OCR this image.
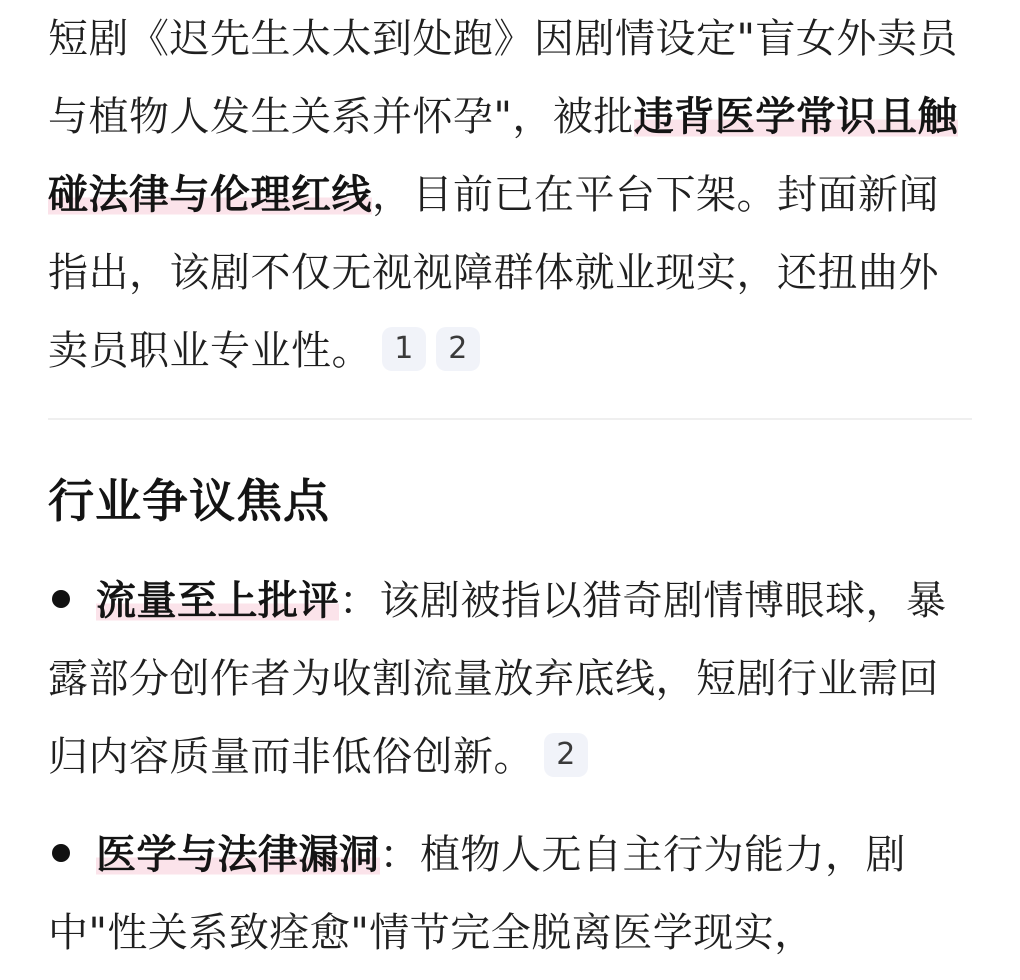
短剧《迟先生太太到处跑》因剧情设定"盲女外卖员与植物人发生关系并怀孕"，被批违背医学常识且触碰法律与伦理红线，目前已在平台下架。封面新闻指出，该剧不仅无视视障群体就业现实，还扭曲外卖员职业专业性。 1 2

行业争议焦点

流量至上批评：该剧被指以猎奇剧情博眼球，暴露部分创作者为收割流量放弃底线，短剧行业需回归内容质量而非低俗创新。 2

医学与法律漏洞：植物人无自主行为能力，剧中"性关系致痊愈"情节完全脱离医学现实，
